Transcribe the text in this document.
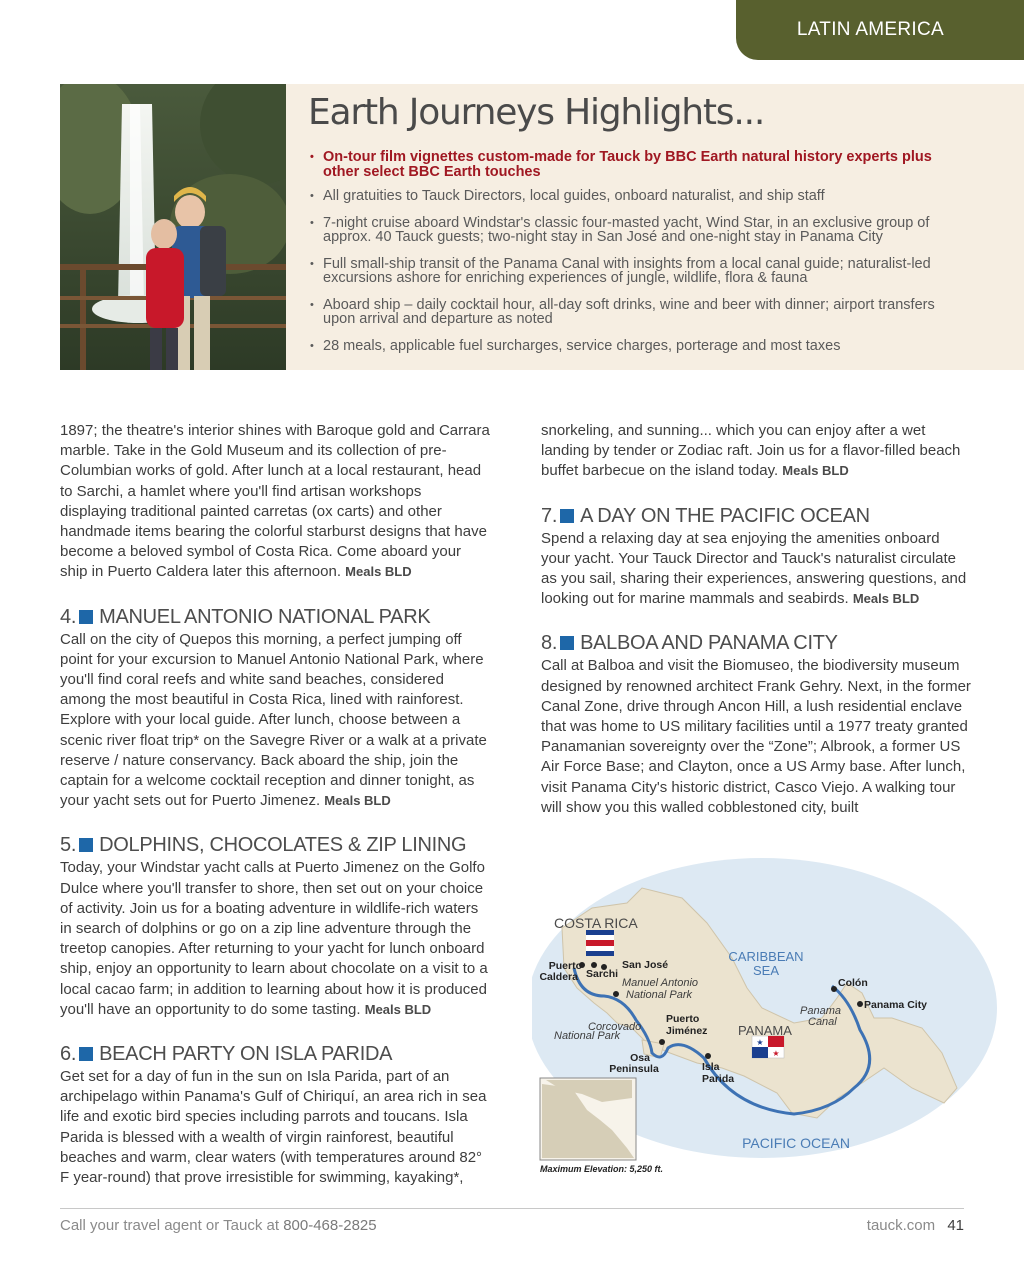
LATIN AMERICA
Earth Journeys Highlights...
• On-tour film vignettes custom-made for Tauck by BBC Earth natural history experts plus other select BBC Earth touches
• All gratuities to Tauck Directors, local guides, onboard naturalist, and ship staff
• 7-night cruise aboard Windstar's classic four-masted yacht, Wind Star, in an exclusive group of approx. 40 Tauck guests; two-night stay in San José and one-night stay in Panama City
• Full small-ship transit of the Panama Canal with insights from a local canal guide; naturalist-led excursions ashore for enriching experiences of jungle, wildlife, flora & fauna
• Aboard ship – daily cocktail hour, all-day soft drinks, wine and beer with dinner; airport transfers upon arrival and departure as noted
• 28 meals, applicable fuel surcharges, service charges, porterage and most taxes

1897; the theatre's interior shines with Baroque gold and Carrara marble. Take in the Gold Museum and its collection of pre-Columbian works of gold. After lunch at a local restaurant, head to Sarchi, a hamlet where you'll find artisan workshops displaying traditional painted carretas (ox carts) and other handmade items bearing the colorful starburst designs that have become a beloved symbol of Costa Rica. Come aboard your ship in Puerto Caldera later this afternoon. Meals BLD

4. MANUEL ANTONIO NATIONAL PARK

Call on the city of Quepos this morning, a perfect jumping off point for your excursion to Manuel Antonio National Park, where you'll find coral reefs and white sand beaches, considered among the most beautiful in Costa Rica, lined with rainforest. Explore with your local guide. After lunch, choose between a scenic river float trip* on the Savegre River or a walk at a private reserve / nature conservancy. Back aboard the ship, join the captain for a welcome cocktail reception and dinner tonight, as your yacht sets out for Puerto Jimenez. Meals BLD

5. DOLPHINS, CHOCOLATES & ZIP LINING

Today, your Windstar yacht calls at Puerto Jimenez on the Golfo Dulce where you'll transfer to shore, then set out on your choice of activity. Join us for a boating adventure in wildlife-rich waters in search of dolphins or go on a zip line adventure through the treetop canopies. After returning to your yacht for lunch onboard ship, enjoy an opportunity to learn about chocolate on a visit to a local cacao farm; in addition to learning about how it is produced you'll have an opportunity to do some tasting. Meals BLD

6. BEACH PARTY ON ISLA PARIDA

Get set for a day of fun in the sun on Isla Parida, part of an archipelago within Panama's Gulf of Chiriquí, an area rich in sea life and exotic bird species including parrots and toucans. Isla Parida is blessed with a wealth of virgin rainforest, beautiful beaches and warm, clear waters (with temperatures around 82° F year-round) that prove irresistible for swimming, kayaking*,

snorkeling, and sunning... which you can enjoy after a wet landing by tender or Zodiac raft. Join us for a flavor-filled beach buffet barbecue on the island today. Meals BLD

7. A DAY ON THE PACIFIC OCEAN

Spend a relaxing day at sea enjoying the amenities onboard your yacht. Your Tauck Director and Tauck's naturalist circulate as you sail, sharing their experiences, answering questions, and looking out for marine mammals and seabirds. Meals BLD

8. BALBOA AND PANAMA CITY

Call at Balboa and visit the Biomuseo, the biodiversity museum designed by renowned architect Frank Gehry. Next, in the former Canal Zone, drive through Ancon Hill, a lush residential enclave that was home to US military facilities until a 1977 treaty granted Panamanian sovereignty over the “Zone”; Albrook, a former US Air Force Base; and Clayton, once a US Army base. After lunch, visit Panama City's historic district, Casco Viejo. A walking tour will show you this walled cobblestoned city, built

★
★
COSTA RICA
CARIBBEAN
SEA
PANAMA
PACIFIC OCEAN
Puerto
Caldera Sarchi
San José
Puerto
Jiménez
Osa
Peninsula	Isla
Parida
Colón
Panama City
Manuel Antonio
National Park
Corcovado
National Park
Panama
Canal
Maximum Elevation: 5,250 ft.
Call your travel agent or Tauck at 800-468-2825	tauck.com 41
